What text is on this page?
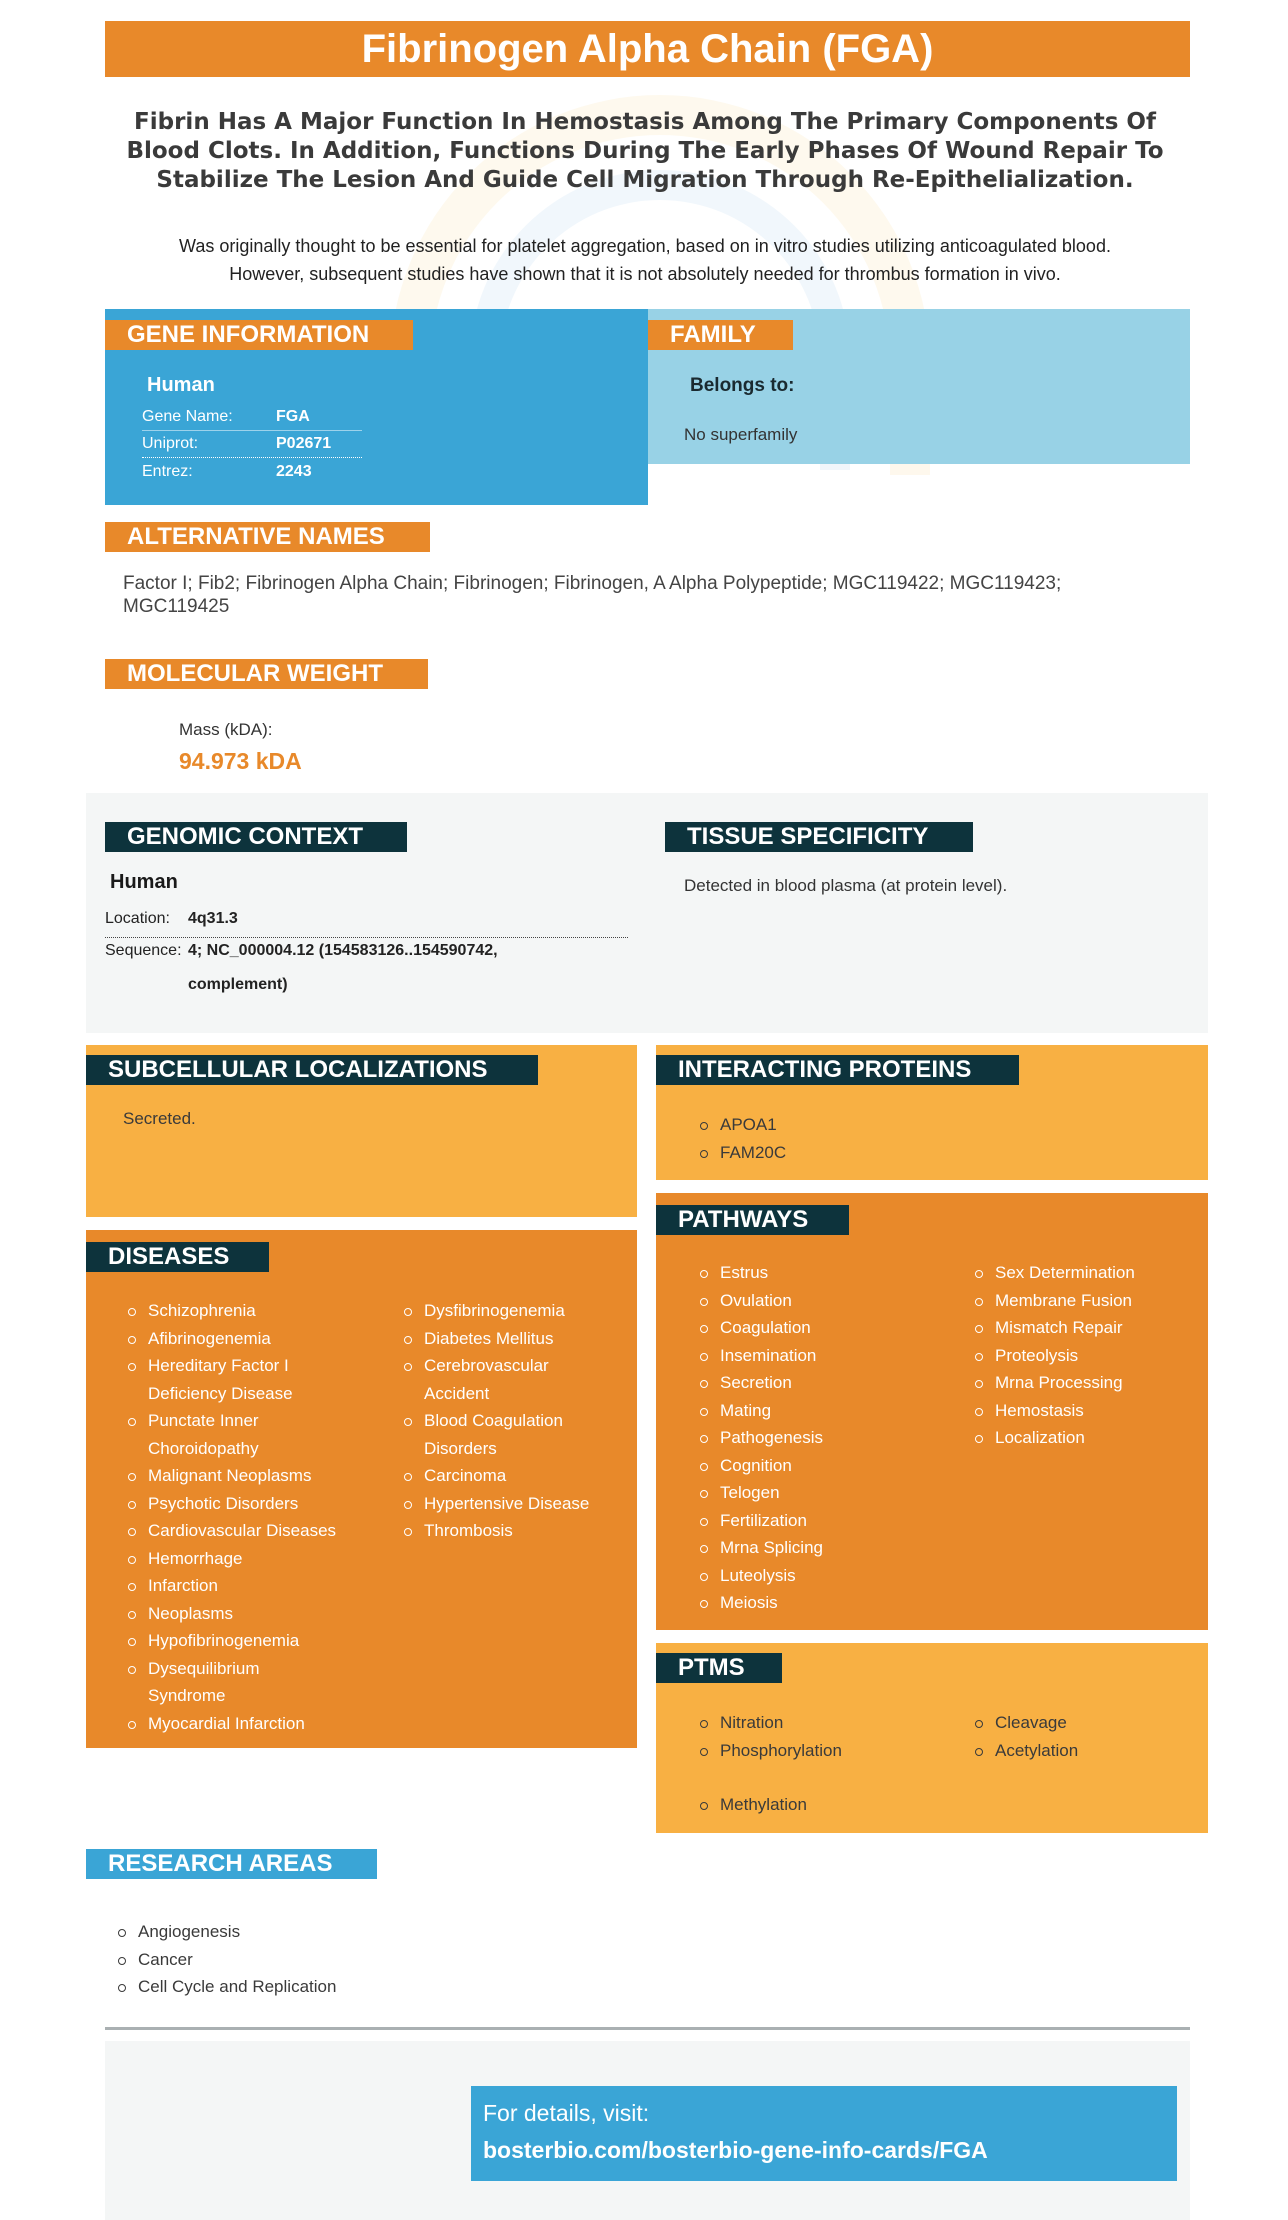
Fibrinogen Alpha Chain (FGA)
Fibrin Has A Major Function In Hemostasis Among The Primary Components Of Blood Clots. In Addition, Functions During The Early Phases Of Wound Repair To Stabilize The Lesion And Guide Cell Migration Through Re-Epithelialization.
Was originally thought to be essential for platelet aggregation, based on in vitro studies utilizing anticoagulated blood.
However, subsequent studies have shown that it is not absolutely needed for thrombus formation in vivo.
GENE INFORMATION
Human
Gene Name:	FGA
Uniprot:	P02671
Entrez:	2243
FAMILY
Belongs to:
No superfamily
ALTERNATIVE NAMES
Factor I; Fib2; Fibrinogen Alpha Chain; Fibrinogen; Fibrinogen, A Alpha Polypeptide; MGC119422; MGC119423; MGC119425
MOLECULAR WEIGHT
Mass (kDA):
94.973 kDA
GENOMIC CONTEXT
Human
Location: 4q31.3
Sequence: 4; NC_000004.12 (154583126..154590742,
complement)
TISSUE SPECIFICITY
Detected in blood plasma (at protein level).
SUBCELLULAR LOCALIZATIONS
Secreted.
INTERACTING PROTEINS
APOA1
FAM20C
DISEASES
Schizophrenia
Afibrinogenemia
Hereditary Factor I Deficiency Disease
Punctate Inner Choroidopathy
Malignant Neoplasms
Psychotic Disorders
Cardiovascular Diseases
Hemorrhage
Infarction
Neoplasms
Hypofibrinogenemia
Dysequilibrium Syndrome
Myocardial Infarction
Dysfibrinogenemia
Diabetes Mellitus
Cerebrovascular Accident
Blood Coagulation Disorders
Carcinoma
Hypertensive Disease
Thrombosis
PATHWAYS
Estrus
Ovulation
Coagulation
Insemination
Secretion
Mating
Pathogenesis
Cognition
Telogen
Fertilization
Mrna Splicing
Luteolysis
Meiosis
Sex Determination
Membrane Fusion
Mismatch Repair
Proteolysis
Mrna Processing
Hemostasis
Localization
PTMS
Nitration
Phosphorylation
Cleavage
Acetylation
Methylation
RESEARCH AREAS
Angiogenesis
Cancer
Cell Cycle and Replication
For details, visit:
bosterbio.com/bosterbio-gene-info-cards/FGA
